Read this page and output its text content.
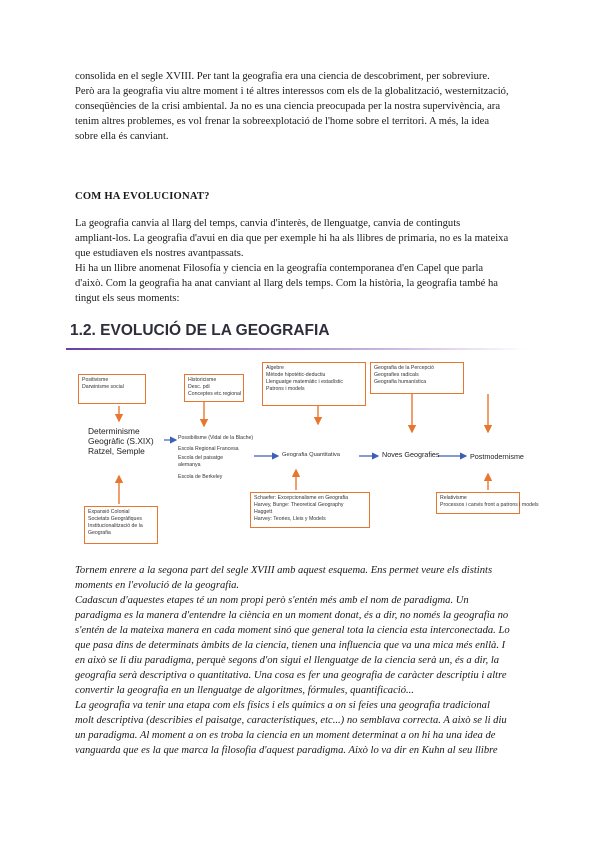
consolida en el segle XVIII. Per tant la geografia era una ciencia de descobriment, per sobreviure.
Però ara la geografia viu altre moment i té altres interessos com els de la globalització, westernització,
conseqüències de la crisi ambiental. Ja no es una ciencia preocupada per la nostra supervivència, ara
tenim altres problemes, es vol frenar la sobreexplotació de l'home sobre el territori. A més, la idea
sobre ella és canviant.
COM HA EVOLUCIONAT?
La geografia canvia al llarg del temps, canvia d'interès, de llenguatge, canvia de continguts
ampliant-los. La geografia d'avui en dia que per exemple hi ha als llibres de primaria, no es la mateixa
que estudiaven els nostres avantpassats.
Hi ha un llibre anomenat Filosofía y ciencia en la geografía contemporanea d'en Capel que parla
d'això. Com la geografia ha anat canviant al llarg dels temps. Com la història, la geografia també ha
tingut els seus moments:
1.2. EVOLUCIÓ DE LA GEOGRAFIA
Positivisme
Darwinisme social
Historicisme
Desc. pdi
Conceptes etc.regional
Algebre
Mètode hipotètic-deductiu
Llenguatge matemàtic i estadístic
Patrons i models
Geografia de la Percepció
Geografies radicals
Geografia humanística
Determinisme
Geogràfic (S.XIX)
Ratzel, Semple
Possibilisme (Vidal de la Blache)
Escola Regional Francesa
Escola del paisatge
alemanya
Escola de Berkeley
Geografia Quantitativa	Noves Geografies	Postmodernisme
Expansió Colonial
Societats Geogràfiques
Institucionalització de la
Geografia
Schaefer: Excepcionalisme en Geografia
Harvey, Bunge: Theoretical Geography
Haggett
Harvey: Teories, Lleis y Models
Relativisme
Processos i canvis front a patrons i models
Tornem enrere a la segona part del segle XVIII amb aquest esquema. Ens permet veure els distints
moments en l'evolució de la geografia.
Cadascun d'aquestes etapes té un nom propi però s'entén més amb el nom de paradigma. Un
paradigma es la manera d'entendre la ciència en un moment donat, és a dir, no només la geografia no
s'entén de la mateixa manera en cada moment sinó que general tota la ciencia esta interconectada. Lo
que pasa dins de determinats àmbits de la ciencia, tienen una influencia que va una mica més enllà. I
en això se li diu paradigma, perquè segons d'on sigui el llenguatge de la ciencia serà un, és a dir, la
geografia serà descriptiva o quantitativa. Una cosa es fer una geografia de caràcter descriptiu i altre
convertir la geografia en un llenguatge de algoritmes, fórmules, quantificació...
La geografia va tenir una etapa com els físics i els químics a on si feies una geografia tradicional
molt descriptiva (describies el paisatge, característiques, etc...) no semblava correcta. A això se li diu
un paradigma. Al moment a on es troba la ciencia en un moment determinat a on hi ha una idea de
vanguarda que es la que marca la filosofia d'aquest paradigma. Això lo va dir en Kuhn al seu llibre
